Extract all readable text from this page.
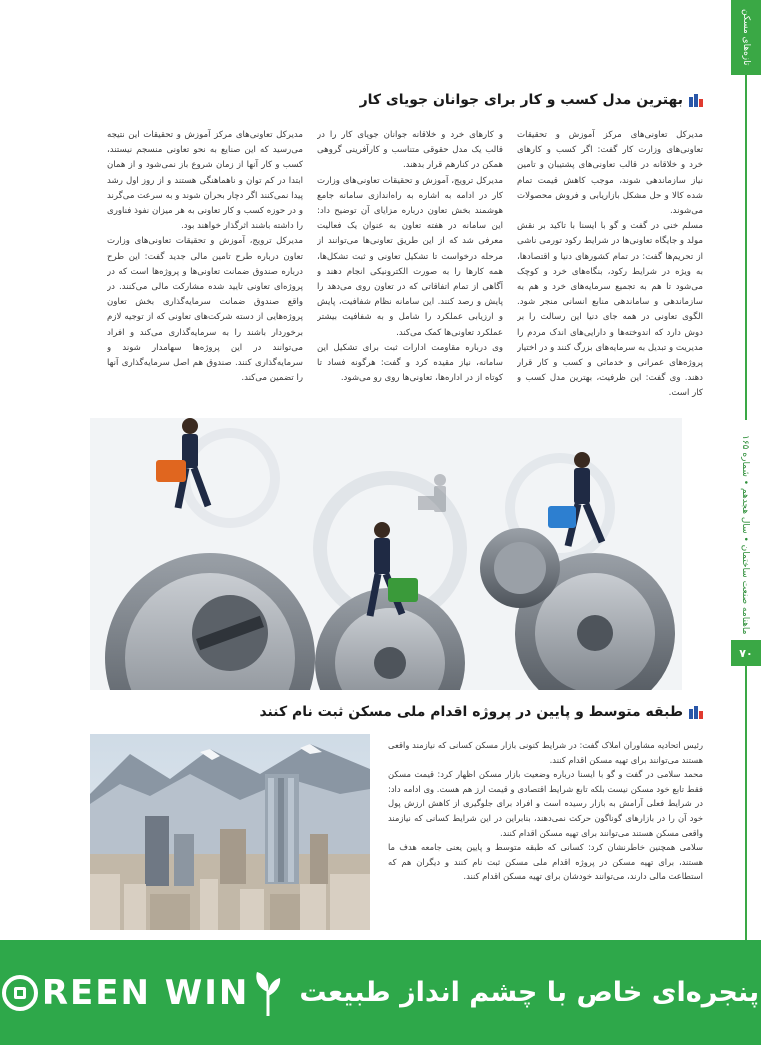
تازه‌های مسکن
ماهنامه صنعت ساختمان • سال هجدهم • شماره ۱۶۵
۷۰
بهترین مدل کسب و کار برای جوانان جویای کار

مدیرکل تعاونی‌های مرکز آموزش و تحقیقات تعاونی‌های وزارت کار گفت: اگر کسب و کارهای خرد و خلاقانه در قالب تعاونی‌های پشتیبان و تامین نیاز سازماندهی شوند، موجب کاهش قیمت تمام شده کالا و حل مشکل بازاریابی و فروش محصولات می‌شوند.

مسلم خنی در گفت و گو با ایسنا با تاکید بر نقش مولد و جایگاه تعاونی‌ها در شرایط رکود تورمی ناشی از تحریم‌ها گفت: در تمام کشورهای دنیا و اقتصادها، به ویژه در شرایط رکود، بنگاه‌های خرد و کوچک می‌شود تا هم به تجمیع سرمایه‌های خرد و هم به سازماندهی و ساماندهی منابع انسانی منجر شود. الگوی تعاونی در همه جای دنیا این رسالت را بر دوش دارد که اندوخته‌ها و دارایی‌های اندک مردم را مدیریت و تبدیل به سرمایه‌های بزرگ کنند و در اختیار پروژه‌های عمرانی و خدماتی و کسب و کار قرار دهند. وی گفت: این ظرفیت، بهترین مدل کسب و کار است.

و کارهای خرد و خلاقانه جوانان جویای کار را در قالب یک مدل حقوقی متناسب و کارآفرینی گروهی همکن در کنارهم قرار بدهند.

مدیرکل ترویج، آموزش و تحقیقات تعاونی‌های وزارت کار در ادامه به اشاره به راه‌اندازی سامانه جامع هوشمند بخش تعاون درباره مزایای آن توضیح داد: این سامانه در هفته تعاون به عنوان یک فعالیت معرفی شد که از این طریق تعاونی‌ها می‌توانند از مرحله درخواست تا تشکیل تعاونی و ثبت تشکل‌ها، همه کارها را به صورت الکترونیکی انجام دهند و آگاهی از تمام اتفاقاتی که در تعاون روی می‌دهد را پایش و رصد کنند. این سامانه نظام شفافیت، پایش و ارزیابی عملکرد را شامل و به شفافیت بیشتر عملکرد تعاونی‌ها کمک می‌کند.

وی درباره مقاومت ادارات ثبت برای تشکیل این سامانه، نیاز مقیده کرد و گفت: هرگونه فساد تا کوتاه از در اداره‌ها، تعاونی‌ها روی رو می‌شود.

مدیرکل تعاونی‌های مرکز آموزش و تحقیقات این نتیجه می‌رسید که این صنایع به نحو تعاونی منسجم نیستند، کسب و کار آنها از زمان شروع باز نمی‌شود و از همان ابتدا در کم توان و ناهماهنگی هستند و از روز اول رشد پیدا نمی‌کنند اگر دچار بحران شوند و به سرعت می‌گرند و در حوزه کسب و کار تعاونی به هر میزان نفوذ فناوری را داشته باشند اثرگذار خواهند بود.

مدیرکل ترویج، آموزش و تحقیقات تعاونی‌های وزارت تعاون درباره طرح تامین مالی جدید گفت: این طرح درباره صندوق ضمانت تعاونی‌ها و پروژه‌ها است که در پروژه‌ای تعاونی تایید شده مشارکت مالی می‌کنند. در واقع صندوق ضمانت سرمایه‌گذاری بخش تعاون پروژه‌هایی از دسته شرکت‌های تعاونی که از توجیه لازم برخوردار باشند را به سرمایه‌گذاری می‌کند و افراد می‌توانند در این پروژه‌ها سهامدار شوند و سرمایه‌گذاری کنند. صندوق هم اصل سرمایه‌گذاری آنها را تضمین می‌کند.

طبقه متوسط و پایین در پروژه اقدام ملی مسکن ثبت نام کنند

رئیس اتحادیه مشاوران املاک گفت: در شرایط کنونی بازار مسکن کسانی که نیازمند واقعی هستند می‌توانند برای تهیه مسکن اقدام کنند.

محمد سلامی در گفت و گو با ایسنا درباره وضعیت بازار مسکن اظهار کرد: قیمت مسکن فقط تابع خود مسکن نیست بلکه تابع شرایط اقتصادی و قیمت ارز هم هست. وی ادامه داد: در شرایط فعلی آرامش به بازار رسیده است و افراد برای جلوگیری از کاهش ارزش پول خود آن را در بازارهای گوناگون حرکت نمی‌دهند، بنابراین در این شرایط کسانی که نیازمند واقعی مسکن هستند می‌توانند برای تهیه مسکن اقدام کنند.

سلامی همچنین خاطرنشان کرد: کسانی که طبقه متوسط و پایین یعنی جامعه هدف ما هستند، برای تهیه مسکن در پروژه اقدام ملی مسکن ثبت نام کنند و دیگران هم که استطاعت مالی دارند، می‌توانند خودشان برای تهیه مسکن اقدام کنند.

REEN WIN پنجره‌ای خاص با چشم انداز طبیعت
